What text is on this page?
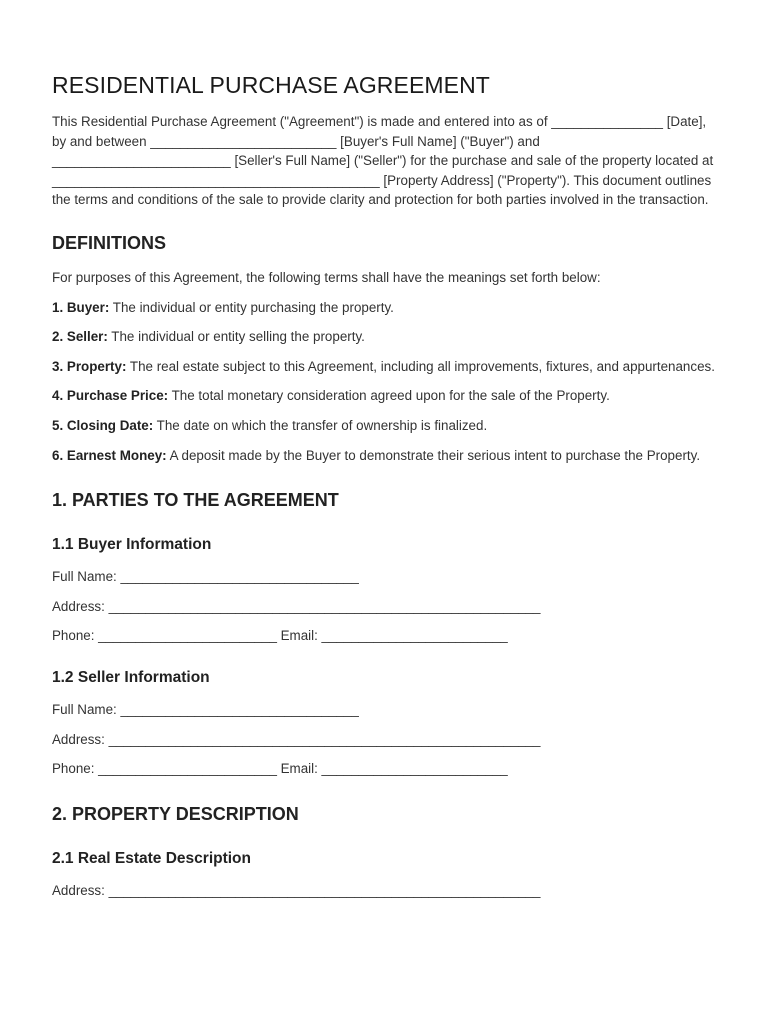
RESIDENTIAL PURCHASE AGREEMENT

This Residential Purchase Agreement ("Agreement") is made and entered into as of _______________ [Date], by and between _________________________ [Buyer's Full Name] ("Buyer") and ________________________ [Seller's Full Name] ("Seller") for the purchase and sale of the property located at ____________________________________________ [Property Address] ("Property"). This document outlines the terms and conditions of the sale to provide clarity and protection for both parties involved in the transaction.

DEFINITIONS

For purposes of this Agreement, the following terms shall have the meanings set forth below:

1. Buyer: The individual or entity purchasing the property.

2. Seller: The individual or entity selling the property.

3. Property: The real estate subject to this Agreement, including all improvements, fixtures, and appurtenances.

4. Purchase Price: The total monetary consideration agreed upon for the sale of the Property.

5. Closing Date: The date on which the transfer of ownership is finalized.

6. Earnest Money: A deposit made by the Buyer to demonstrate their serious intent to purchase the Property.

1. PARTIES TO THE AGREEMENT
1.1 Buyer Information

Full Name: ________________________________

Address: __________________________________________________________

Phone: ________________________ Email: _________________________

1.2 Seller Information

Full Name: ________________________________

Address: __________________________________________________________

Phone: ________________________ Email: _________________________

2. PROPERTY DESCRIPTION
2.1 Real Estate Description

Address: __________________________________________________________
